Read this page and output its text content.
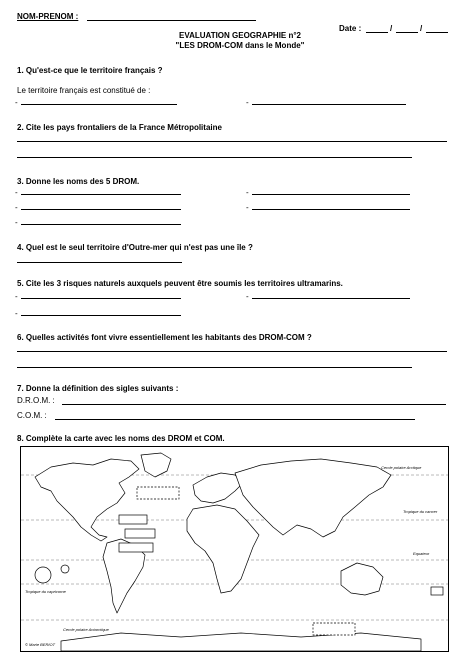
NOM-PRENOM :
Date :	/	/
EVALUATION GEOGRAPHIE n°2
"LES DROM-COM dans le Monde"
1. Qu'est-ce que le territoire français ?
Le territoire français est constitué de :
-	-
2. Cite les pays frontaliers de la France Métropolitaine
3. Donne les noms des 5 DROM.
-	-
-	-
-
4. Quel est le seul territoire d'Outre-mer qui n'est pas une île ?
5. Cite les 3 risques naturels auxquels peuvent être soumis les territoires ultramarins.
-	-
-
6. Quelles activités font vivre essentiellement les habitants des DROM-COM ?
7. Donne la définition des sigles suivants :
D.R.O.M. :
C.O.M. :
8. Complète la carte avec les noms des DROM et COM.
Cercle polaire Arctique
Tropique du cancer
Equateur
Tropique du capricorne
Cercle polaire Antarctique
© Marie BERIOT
